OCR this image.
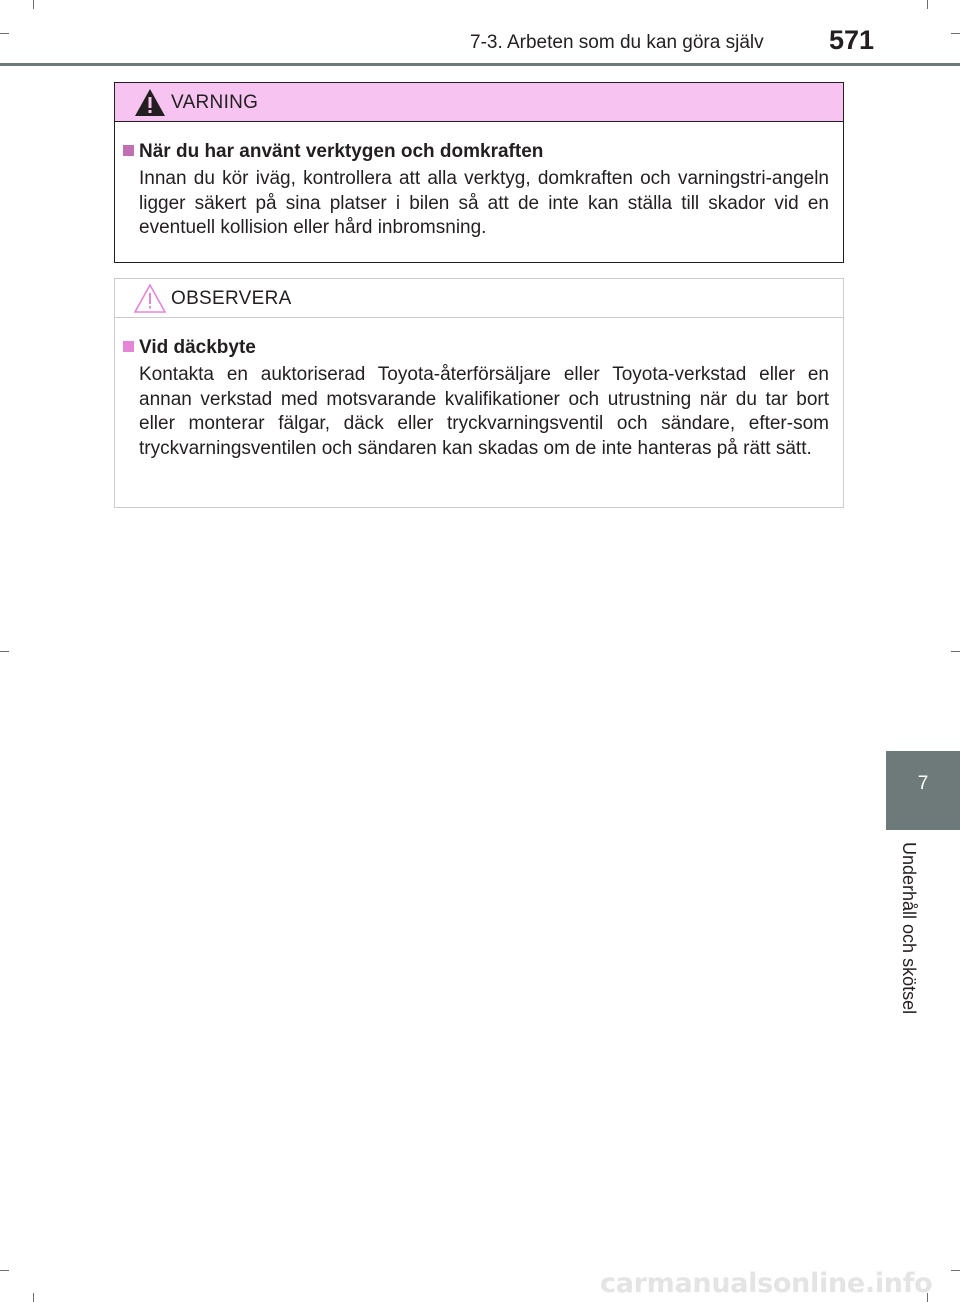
7-3. Arbeten som du kan göra själv 571
VARNING
När du har använt verktygen och domkraften
Innan du kör iväg, kontrollera att alla verktyg, domkraften och varningstri-angeln ligger säkert på sina platser i bilen så att de inte kan ställa till skador vid en eventuell kollision eller hård inbromsning.
OBSERVERA
Vid däckbyte
Kontakta en auktoriserad Toyota-återförsäljare eller Toyota-verkstad eller en annan verkstad med motsvarande kvalifikationer och utrustning när du tar bort eller monterar fälgar, däck eller tryckvarningsventil och sändare, efter-som tryckvarningsventilen och sändaren kan skadas om de inte hanteras på rätt sätt.
7
Underhåll och skötsel
carmanualsonline.info
